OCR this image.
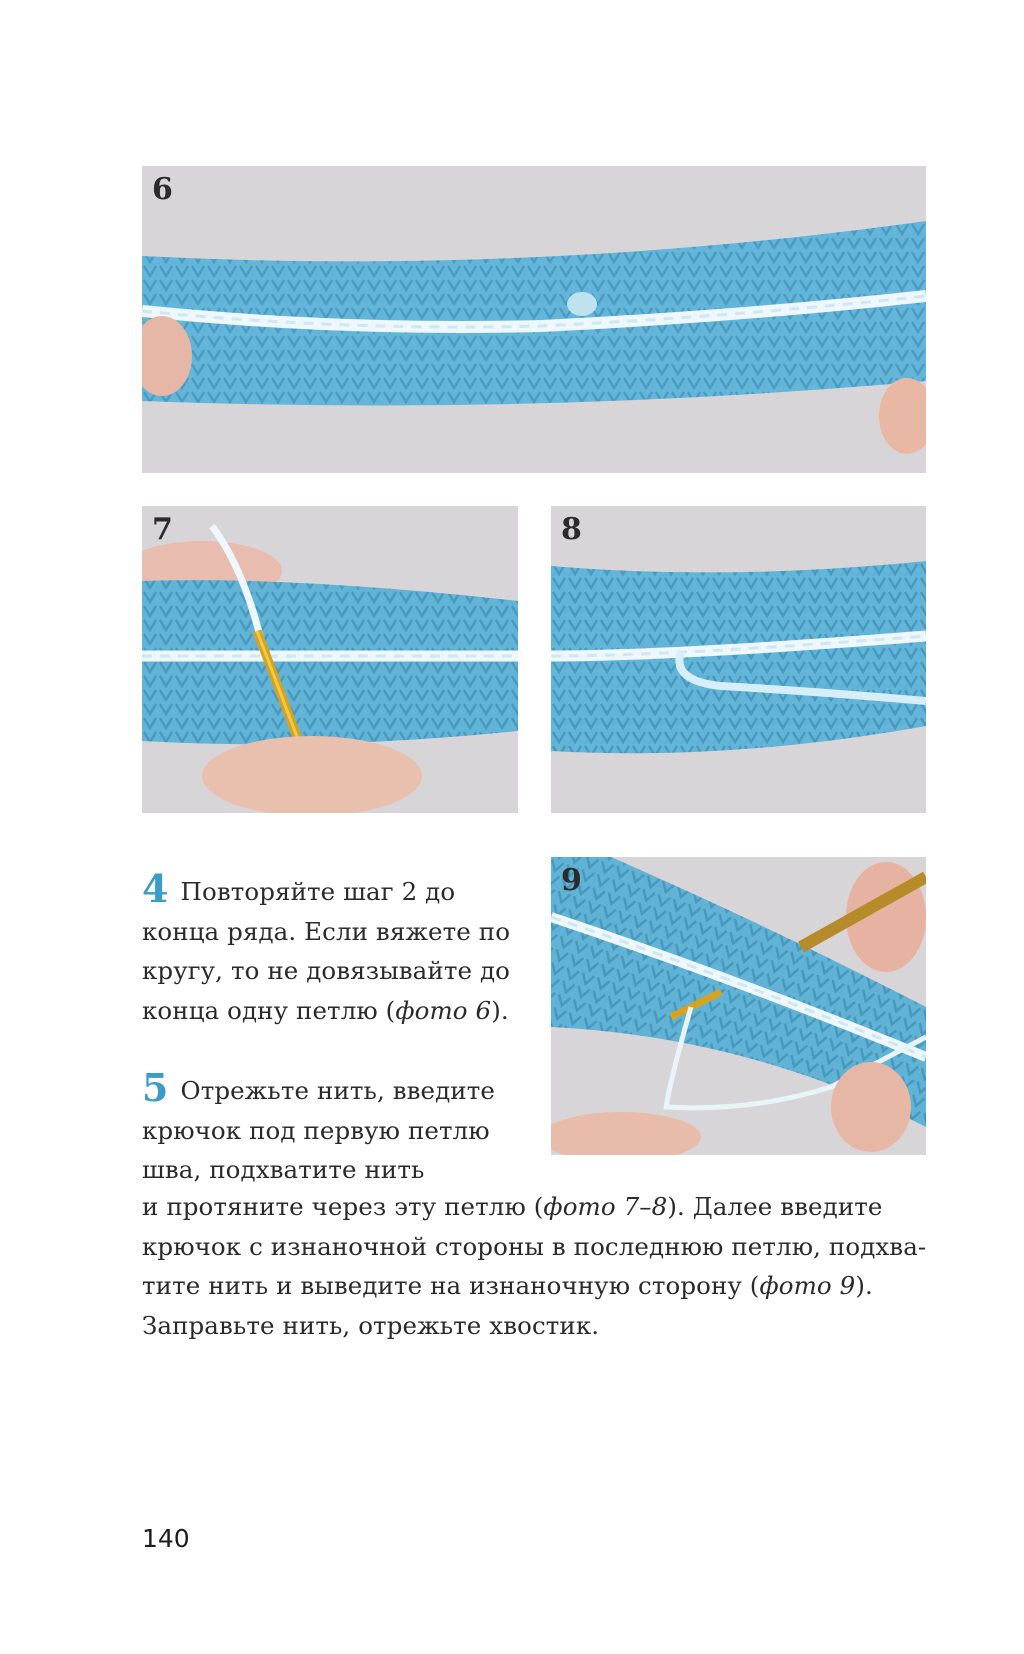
6
7	8
4 Повторяйте шаг 2 до
конца ряда. Если вяжете по
кругу, то не довязывайте до
конца одну петлю (фото 6).
9
5 Отрежьте нить, введите
крючок под первую петлю
шва, подхватите нить
и протяните через эту петлю (фото 7–8). Далее введите
крючок с изнаночной стороны в последнюю петлю, подхва-
тите нить и выведите на изнаночную сторону (фото 9).
Заправьте нить, отрежьте хвостик.
140
